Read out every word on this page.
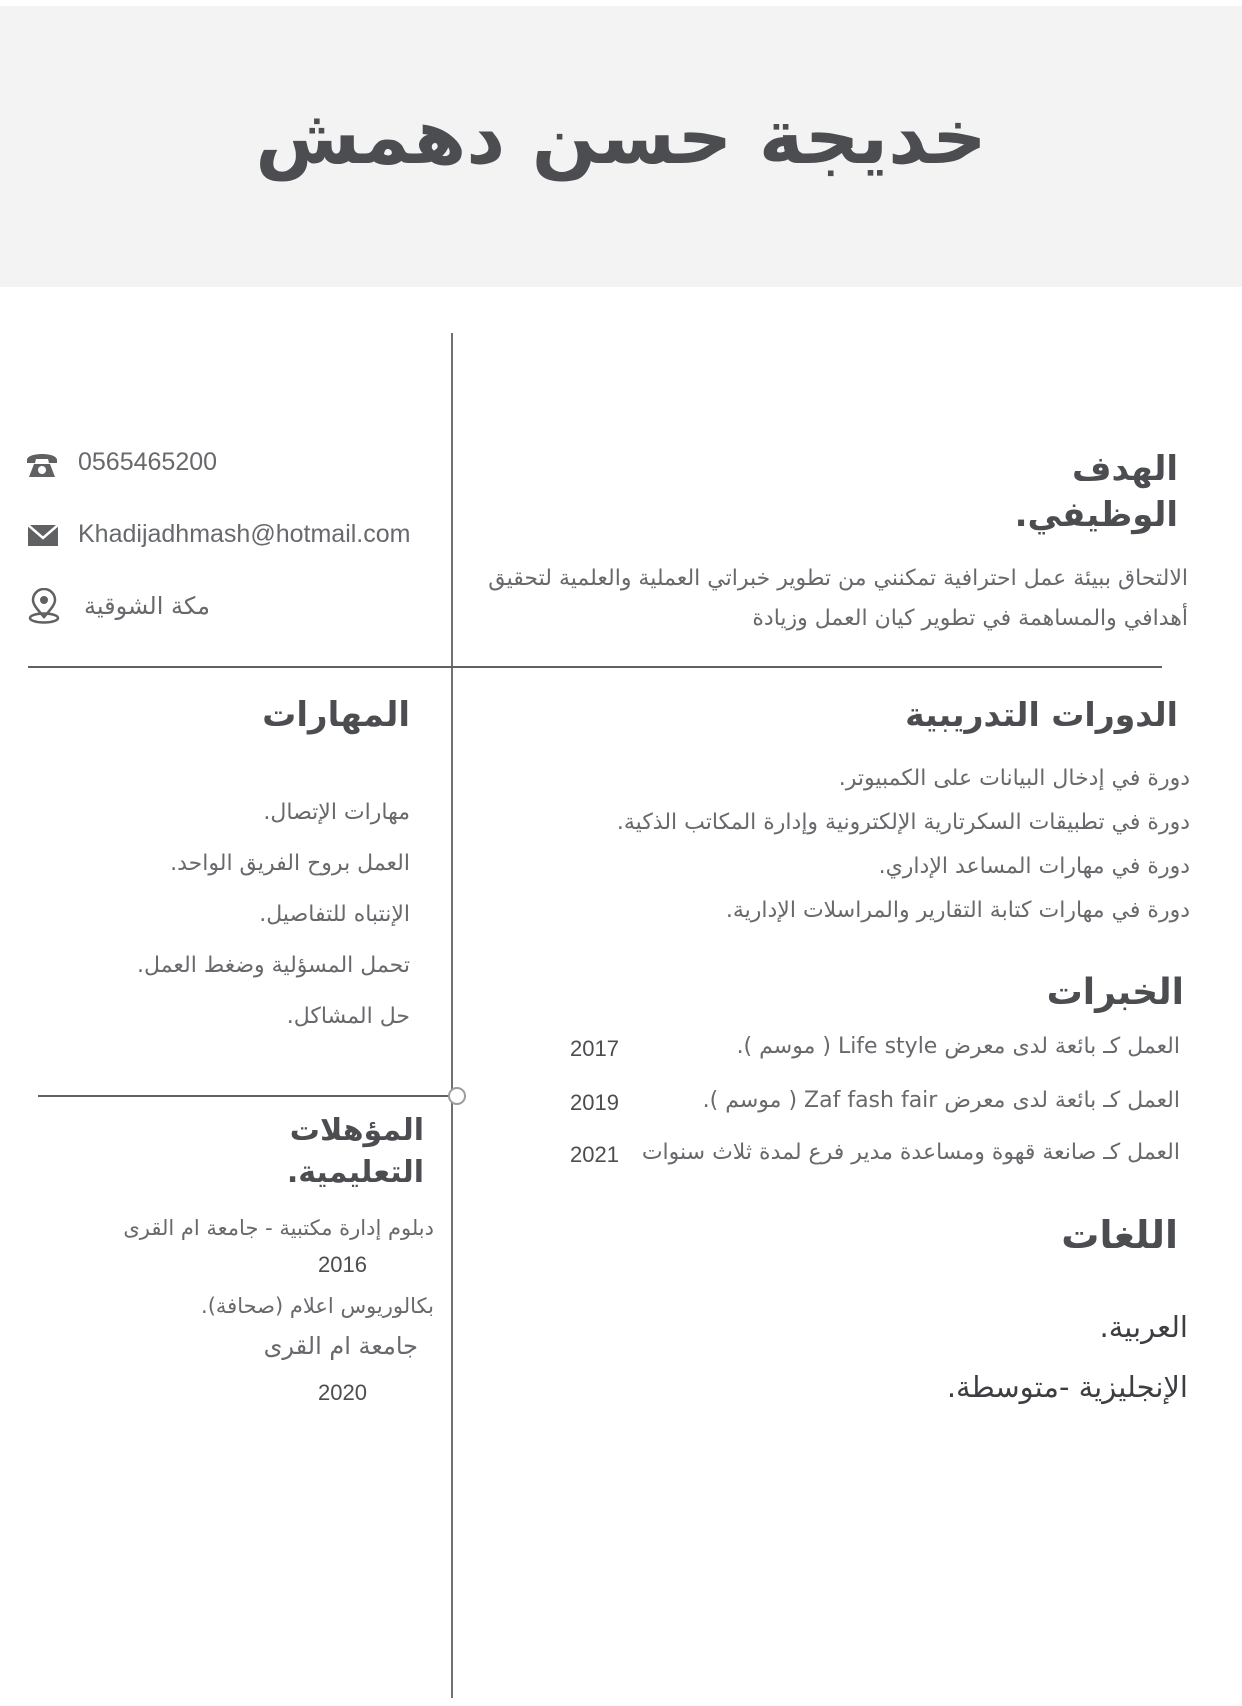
خديجة حسن دهمش
0565465200
Khadijadhmash@hotmail.com
مكة الشوقية
الهدف
الوظيفي.
الالتحاق ببيئة عمل احترافية تمكنني من تطوير خبراتي العملية والعلمية لتحقيق
أهدافي والمساهمة في تطوير كيان العمل وزيادة
الدورات التدريبية
دورة في إدخال البيانات على الكمبيوتر.
دورة في تطبيقات السكرتارية الإلكترونية وإدارة المكاتب الذكية.
دورة في مهارات المساعد الإداري.
دورة في مهارات كتابة التقارير والمراسلات الإدارية.
المهارات
مهارات الإتصال.
العمل بروح الفريق الواحد.
الإنتباه للتفاصيل.
تحمل المسؤلية وضغط العمل.
حل المشاكل.
الخبرات
2017	العمل كـ بائعة لدى معرض Life style ( موسم ).
2019	العمل كـ بائعة لدى معرض Zaf fash fair ( موسم ).
2021 العمل كـ صانعة قهوة ومساعدة مدير فرع لمدة ثلاث سنوات
المؤهلات
التعليمية.
دبلوم إدارة مكتبية - جامعة ام القرى
2016
بكالوريوس اعلام (صحافة).
جامعة ام القرى
2020
اللغات
العربية.
الإنجليزية -متوسطة.
